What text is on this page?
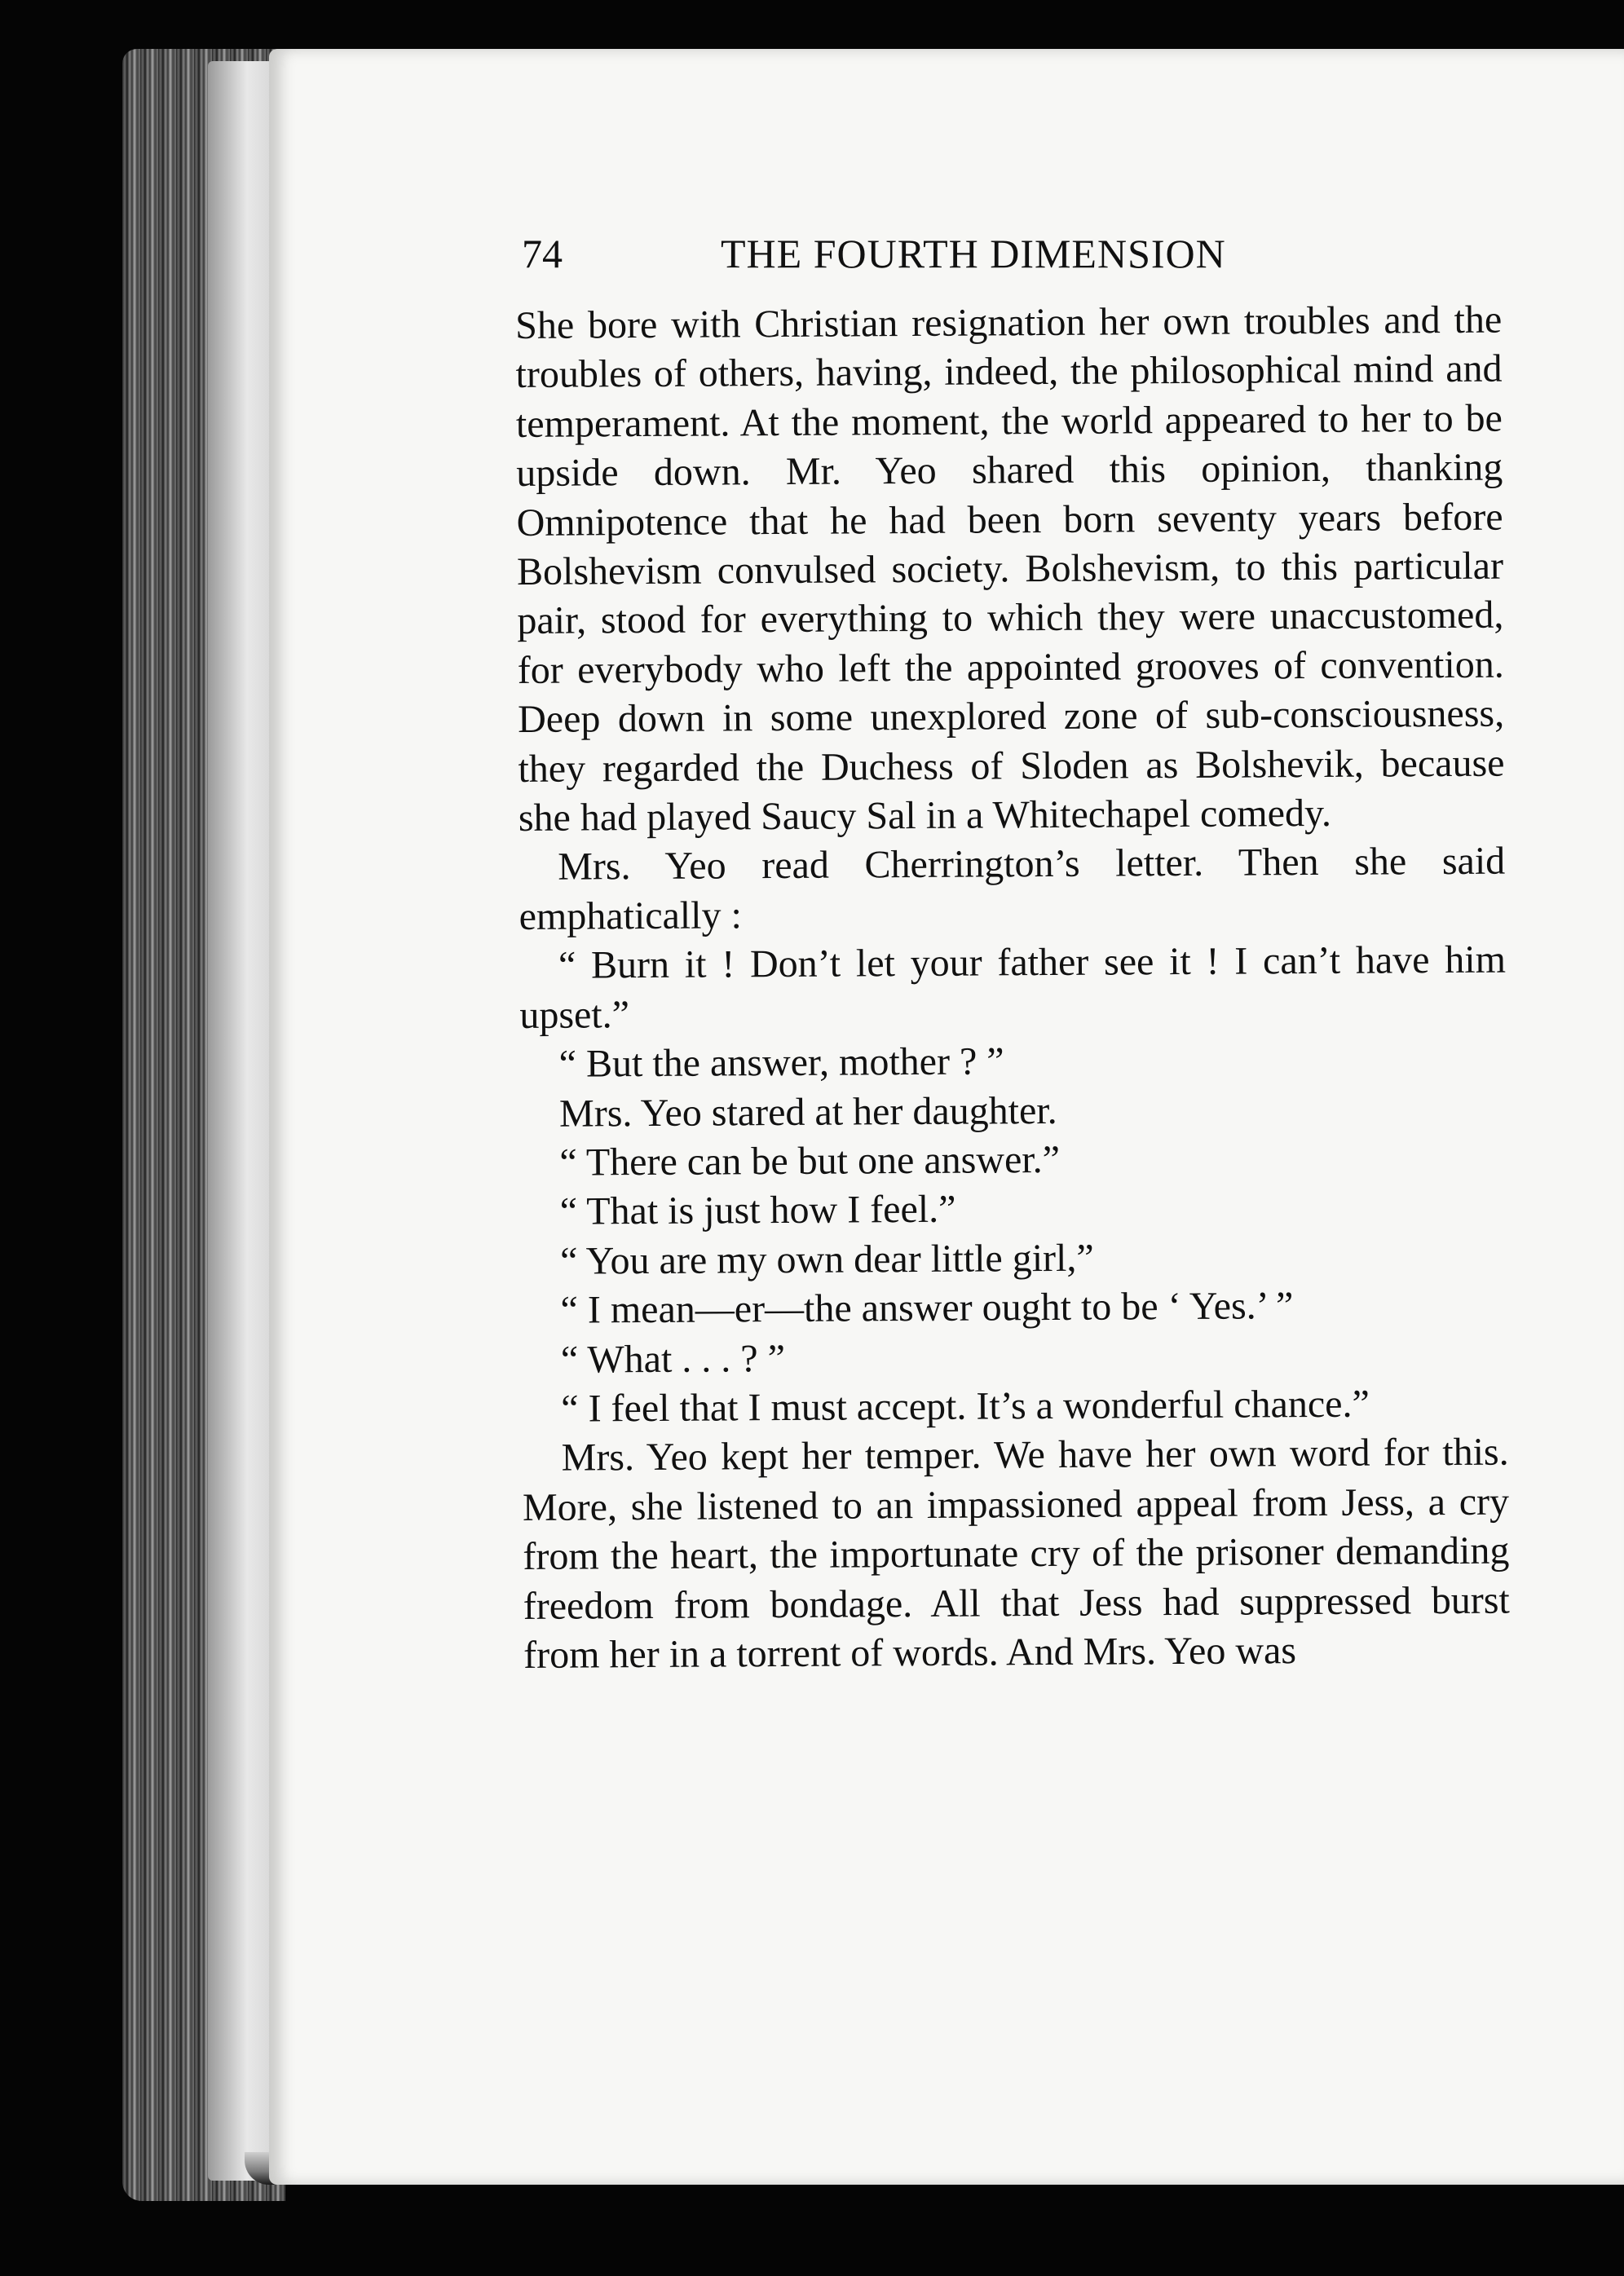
74	THE FOURTH DIMENSION

She bore with Christian resignation her own troubles and the troubles of others, having, indeed, the philosophical mind and temperament. At the moment, the world appeared to her to be upside down. Mr. Yeo shared this opinion, thanking Omnipotence that he had been born seventy years before Bolshevism convulsed society. Bolshevism, to this particular pair, stood for everything to which they were unaccustomed, for everybody who left the appointed grooves of convention. Deep down in some unexplored zone of sub-consciousness, they regarded the Duchess of Sloden as Bolshevik, because she had played Saucy Sal in a Whitechapel comedy.

Mrs. Yeo read Cherrington’s letter. Then she said emphatically :

“ Burn it ! Don’t let your father see it ! I can’t have him upset.”

“ But the answer, mother ? ”

Mrs. Yeo stared at her daughter.

“ There can be but one answer.”

“ That is just how I feel.”

“ You are my own dear little girl,”

“ I mean—er—the answer ought to be ‘ Yes.’ ”

“ What . . . ? ”

“ I feel that I must accept. It’s a wonderful chance.”

Mrs. Yeo kept her temper. We have her own word for this. More, she listened to an impassioned appeal from Jess, a cry from the heart, the importunate cry of the prisoner demanding freedom from bondage. All that Jess had suppressed burst from her in a torrent of words. And Mrs. Yeo was
